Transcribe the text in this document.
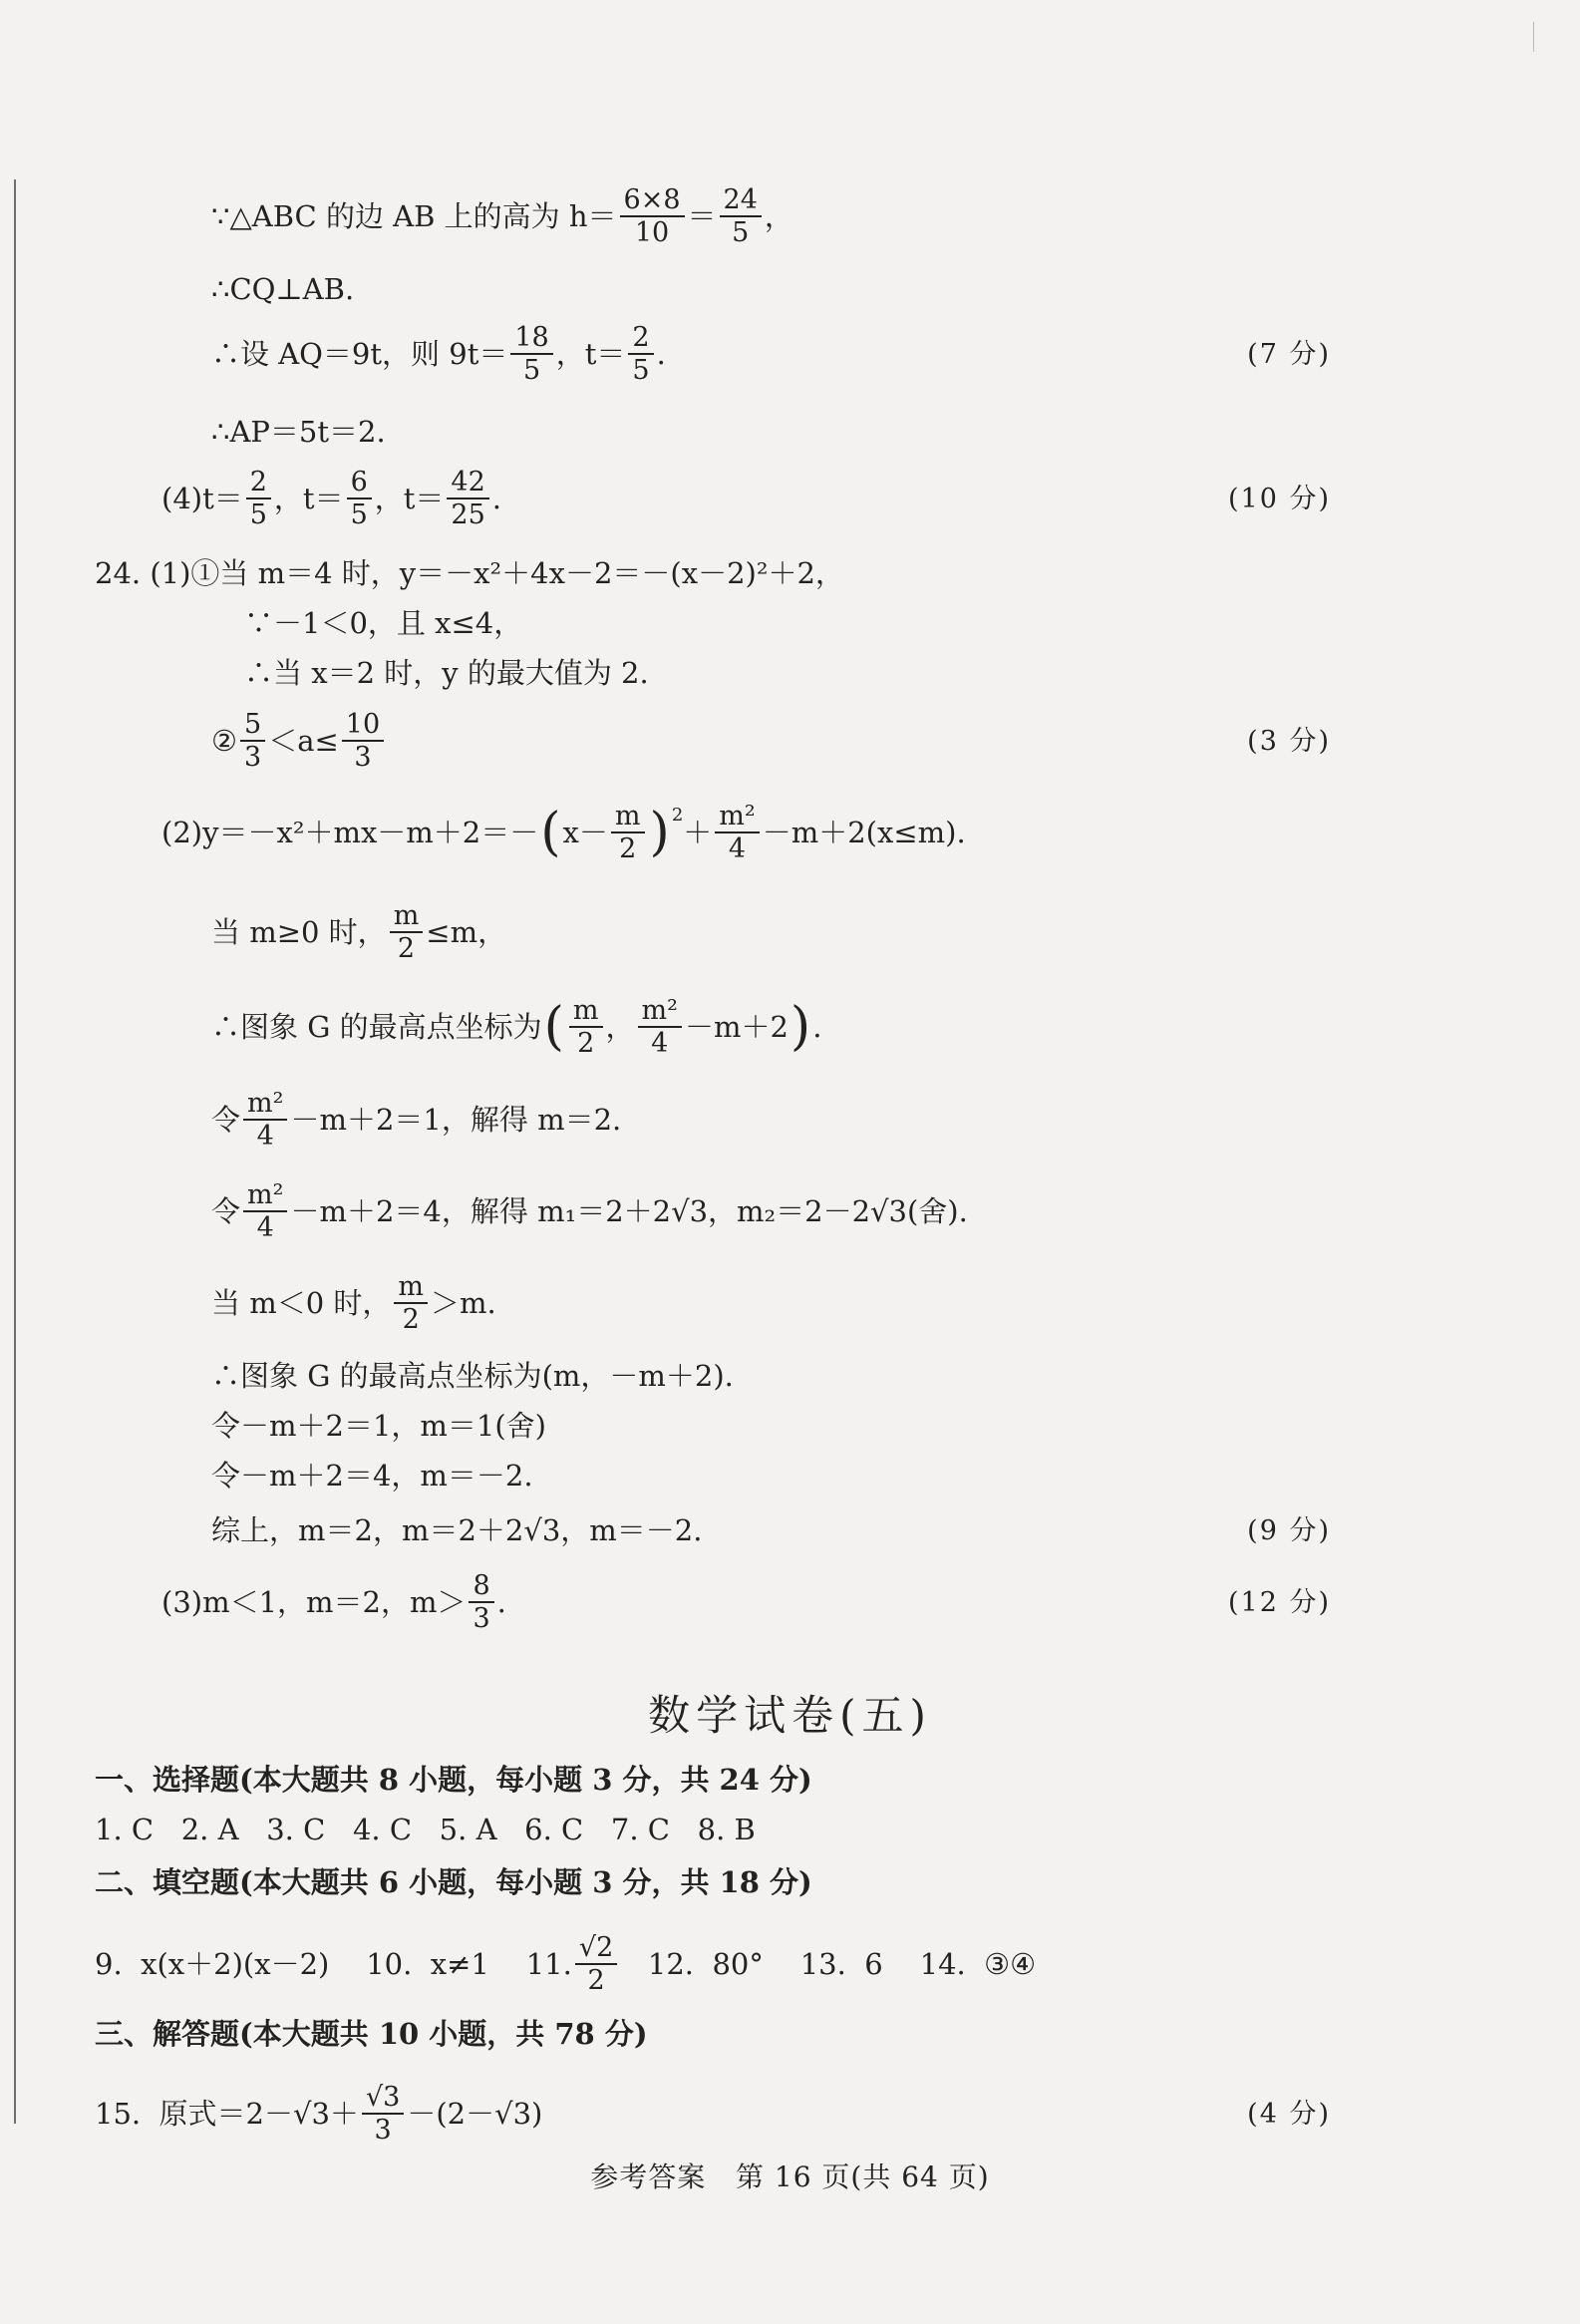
∵△ABC 的边 AB 上的高为 $h= \frac{6\times 8}{10} = \frac{24}{5}$ ，
∴CQ⊥AB.
∴设 AQ＝9t，则 $9t= \frac{18}{5}$ ，$t= \frac{2}{5}$ .	(7 分)
∴AP＝5t＝2.
$(4)t= \frac{2}{5}$ ，$t= \frac{6}{5}$ ，$t= \frac{42}{25}$ .	(10 分)
24. (1)①当 m＝4 时，y＝－x²＋4x－2＝－(x－2)²＋2，
∵－1＜0，且 x≤4，
∴当 x＝2 时，y 的最大值为 2.
② $\frac{5}{3} <a\le \frac{10}{3}$	(3 分)
(2)y＝－x²＋mx－m＋2＝－ ( $x- \frac{m}{2} )^2$
＋ $\frac{\text{m²}}{4} -m+2(x\le m)$.
当 m≥0 时， $\frac{m}{2} \le m$，
∴图象 G 的最高点坐标为 ( $\frac{m}{2}$ ， $\frac{\text{m²}}{4} -m+2$ ) .
令 $\frac{\text{m²}}{4} -m+2=1$，解得 m＝2.
令 $\frac{\text{m²}}{4} -m+2=4$，解得 m₁＝2＋2√3，m₂＝2－2√3(舍).
当 m＜0 时， $\frac{m}{2} >m$.
∴图象 G 的最高点坐标为(m，－m＋2).
令－m＋2＝1，m＝1(舍)
令－m＋2＝4，m＝－2.
综上，m＝2，m＝2＋2√3，m＝－2.	(9 分)
(3)m＜1，m＝2，$m> \frac{8}{3}$ .	(12 分)
数学试卷(五)
一、选择题(本大题共 8 小题，每小题 3 分，共 24 分)
1. C   2. A   3. C   4. C   5. A   6. C   7. C   8. B
二、填空题(本大题共 6 小题，每小题 3 分，共 18 分)
9.  x(x＋2)(x－2)    10.  x≠1    11. $\frac{√2}{2} 12$.  80°    13.  6    14.  ③④
三、解答题(本大题共 10 小题，共 78 分)
15.  原式$=2-√3+ \frac{√3}{3} -(2-√3)$	(4 分)
参考答案   第 16 页(共 64 页)
